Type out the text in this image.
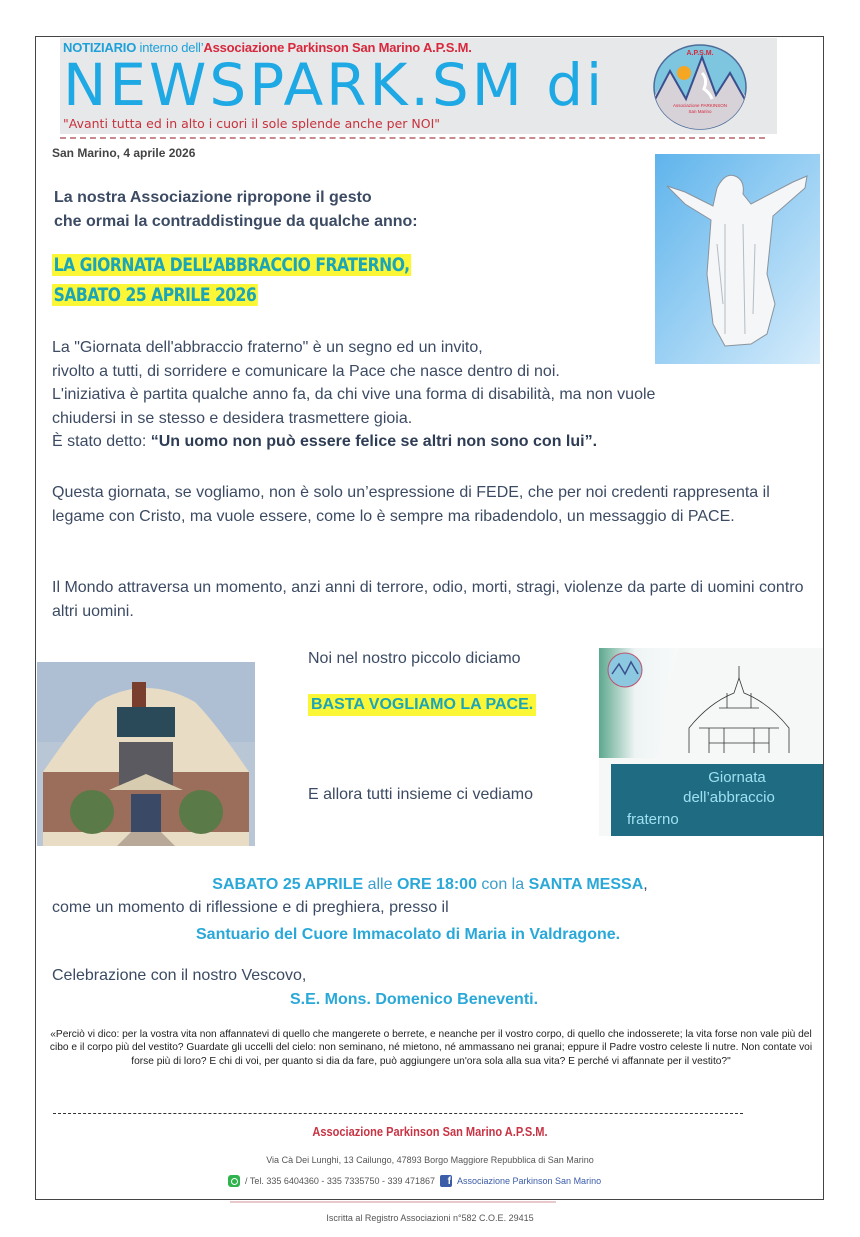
NOTIZIARIO interno dell’Associazione Parkinson San Marino A.P.S.M.
NEWSPARK.SM di
"Avanti tutta ed in alto i cuori il sole splende anche per NOI"
A.P.S.M.
Associazione PARKINSON
San Marino
San Marino, 4 aprile 2026
La nostra Associazione ripropone il gesto
che ormai la contraddistingue da qualche anno:
LA GIORNATA DELL’ABBRACCIO FRATERNO,
SABATO 25 APRILE 2026
La "Giornata dell'abbraccio fraterno" è un segno ed un invito,
rivolto a tutti, di sorridere e comunicare la Pace che nasce dentro di noi.
L'iniziativa è partita qualche anno fa, da chi vive una forma di disabilità, ma non vuole
chiudersi in se stesso e desidera trasmettere gioia.
È stato detto: “Un uomo non può essere felice se altri non sono con lui”.
Questa giornata, se vogliamo, non è solo un’espressione di FEDE, che per noi credenti rappresenta il legame con Cristo, ma vuole essere, come lo è sempre ma ribadendolo, un messaggio di PACE.
Il Mondo attraversa un momento, anzi anni di terrore, odio, morti, stragi, violenze da parte di uomini contro altri uomini.
Noi nel nostro piccolo diciamo
BASTA VOGLIAMO LA PACE.
E allora tutti insieme ci vediamo
Giornata
dell’abbraccio
fraterno
SABATO 25 APRILE alle ORE 18:00 con la SANTA MESSA,
come un momento di riflessione e di preghiera, presso il
Santuario del Cuore Immacolato di Maria in Valdragone.
Celebrazione con il nostro Vescovo,
S.E. Mons. Domenico Beneventi.
«Perciò vi dico: per la vostra vita non affannatevi di quello che mangerete o berrete, e neanche per il vostro corpo, di quello che indosserete; la vita forse non vale più del cibo e il corpo più del vestito? Guardate gli uccelli del cielo: non seminano, né mietono, né ammassano nei granai; eppure il Padre vostro celeste li nutre. Non contate voi forse più di loro? E chi di voi, per quanto si dia da fare, può aggiungere un'ora sola alla sua vita? E perché vi affannate per il vestito?"
Associazione Parkinson San Marino A.P.S.M.
Via Cà Dei Lunghi, 13 Cailungo, 47893 Borgo Maggiore Repubblica di San Marino
/ Tel. 335 6404360 - 335 7335750 - 339 471867	f Associazione Parkinson San Marino
Iscritta al Registro Associazioni n°582 C.O.E. 29415
